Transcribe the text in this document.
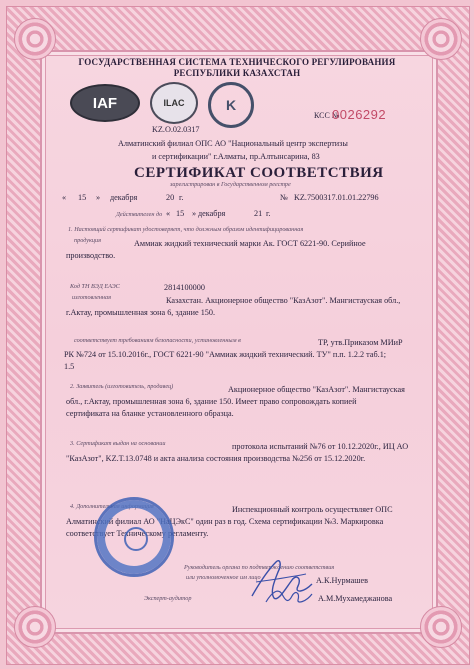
ГОСУДАРСТВЕННАЯ СИСТЕМА ТЕХНИЧЕСКОГО РЕГУЛИРОВАНИЯ
РЕСПУБЛИКИ КАЗАХСТАН
IAF	ILAC	K
КСС №
0026292
KZ.O.02.0317
Алматинский филиал ОПС АО "Национальный центр экспертизы
и сертификации" г.Алматы, пр.Алтынсарина, 83
СЕРТИФИКАТ СООТВЕТСТВИЯ
зарегистрирован в Государственном реестре
« 15 » декабря	20 г.	№ KZ.7500317.01.01.22796
Действителен до « 15 » декабря	21 г.
1. Настоящий сертификат удостоверяет, что должным образом идентифицированная
продукция	Аммиак жидкий технический марки Ак. ГОСТ 6221-90. Серийное
производство.
Код ТН ВЭД ЕАЭС	2814100000
изготовленная	Казахстан. Акционерное общество "КазАзот". Мангистауская обл.,
г.Актау, промышленная зона 6, здание 150.
соответствует требованиям безопасности, установленным в	ТР, утв.Приказом МИиР
РК №724 от 15.10.2016г., ГОСТ 6221-90 "Аммиак жидкий технический. ТУ" п.п. 1.2.2 таб.1;
1.5
2. Заявитель (изготовитель, продавец)	Акционерное общество "КазАзот". Мангистауская
обл., г.Актау, промышленная зона 6, здание 150. Имеет право сопровождать копией
сертификата на бланке установленного образца.
3. Сертификат выдан на основании	протокола испытаний №76 от 10.12.2020г., ИЦ АО
"КазАзот", KZ.T.13.0748 и акта анализа состояния производства №256 от 15.12.2020г.
4. Дополнительная информация	Инспекционный контроль осуществляет ОПС
Алматинский филиал АО "НаЦЭкС" один раз в год. Схема сертификации №3. Маркировка
соответствует Техническому регламенту.
Руководитель органа по подтверждению соответствия
или уполномоченное им лицо	А.К.Нурмашев
Эксперт-аудитор	А.М.Мухамеджанова
